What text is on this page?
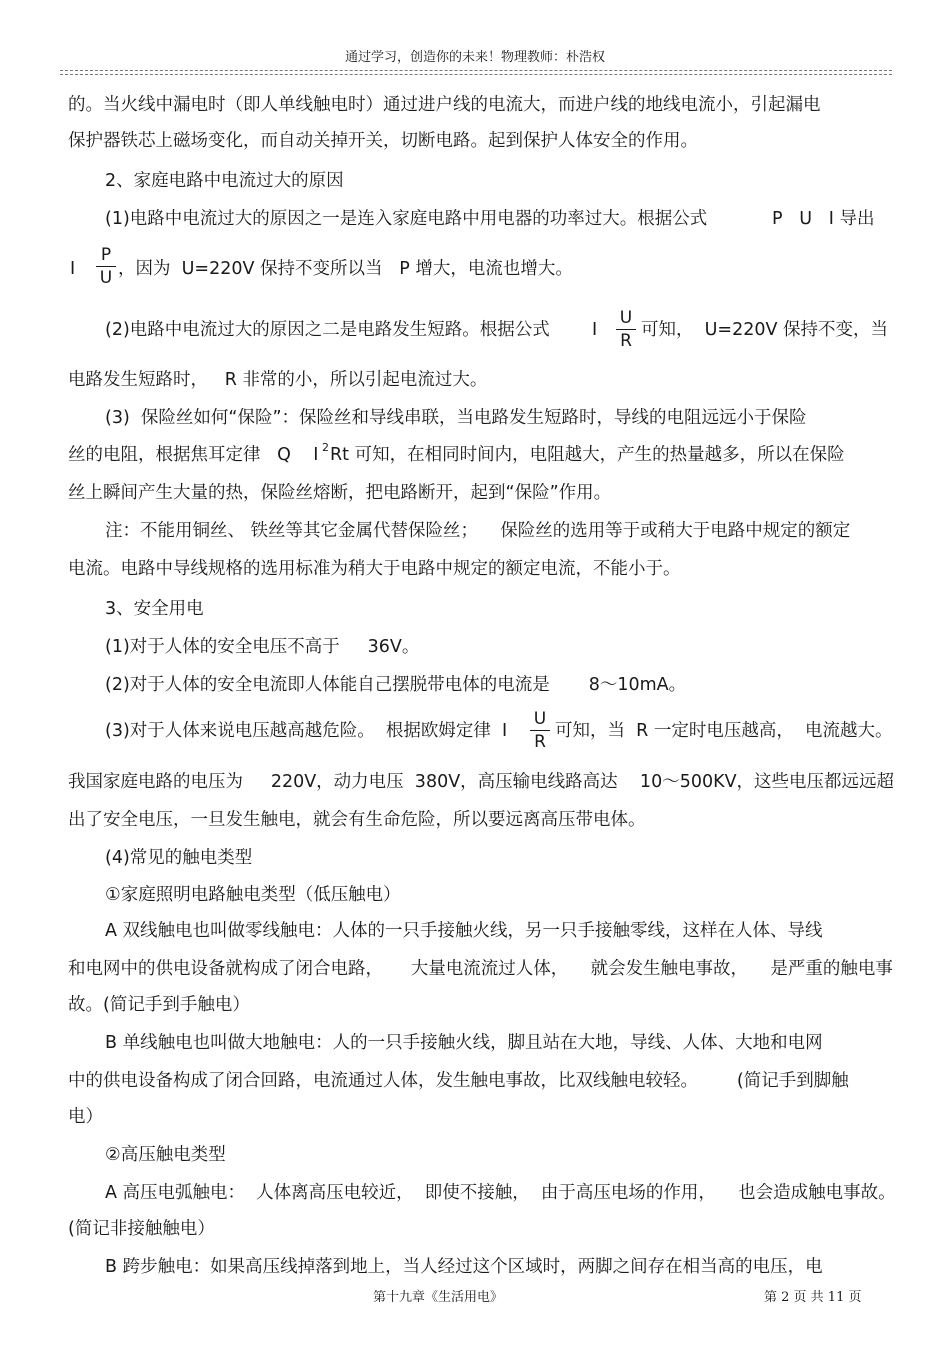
通过学习，创造你的未来！物理教师：朴浩权
的。当火线中漏电时（即人单线触电时）通过进户线的电流大，而进户线的地线电流小，引起漏电
保护器铁芯上磁场变化，而自动关掉开关，切断电路。起到保护人体安全的作用。
2、家庭电路中电流过大的原因
(1)电路中电流过大的原因之一是连入家庭电路中用电器的功率过大。根据公式	P   U   I 导出
I
P
U ，因为  U=220V 保持不变所以当   P 增大，电流也增大。
(2)电路中电流过大的原因之二是电路发生短路。根据公式	I
U
R
可知，  U=220V 保持不变，当
电路发生短路时，   R 非常的小，所以引起电流过大。
(3)  保险丝如何“保险”：保险丝和导线串联，当电路发生短路时，导线的电阻远远小于保险
丝的电阻，根据焦耳定律   Q    I 2 Rt 可知，在相同时间内，电阻越大，产生的热量越多，所以在保险
丝上瞬间产生大量的热，保险丝熔断，把电路断开，起到“保险”作用。
注：不能用铜丝、 铁丝等其它金属代替保险丝；    保险丝的选用等于或稍大于电路中规定的额定
电流。电路中导线规格的选用标准为稍大于电路中规定的额定电流，不能小于。
3、安全用电
(1)对于人体的安全电压不高于     36V。
(2)对于人体的安全电流即人体能自己摆脱带电体的电流是       8～10mA。
(3)对于人体来说电压越高越危险。  根据欧姆定律  I
U
R
可知，当  R 一定时电压越高，  电流越大。
我国家庭电路的电压为     220V，动力电压  380V，高压输电线路高达    10～500KV，这些电压都远远超
出了安全电压，一旦发生触电，就会有生命危险，所以要远离高压带电体。
(4)常见的触电类型
①家庭照明电路触电类型（低压触电）
A 双线触电也叫做零线触电：人体的一只手接触火线，另一只手接触零线，这样在人体、导线
和电网中的供电设备就构成了闭合电路，     大量电流流过人体，    就会发生触电事故，    是严重的触电事
故。(简记手到手触电）
B 单线触电也叫做大地触电：人的一只手接触火线，脚且站在大地，导线、人体、大地和电网
中的供电设备构成了闭合回路，电流通过人体，发生触电事故，比双线触电较轻。       (简记手到脚触
电）
②高压触电类型
A 高压电弧触电：  人体离高压电较近，  即使不接触，  由于高压电场的作用，    也会造成触电事故。
(简记非接触触电）
B 跨步触电：如果高压线掉落到地上，当人经过这个区域时，两脚之间存在相当高的电压，电
第十九章《生活用电》	第 2 页 共 11 页
